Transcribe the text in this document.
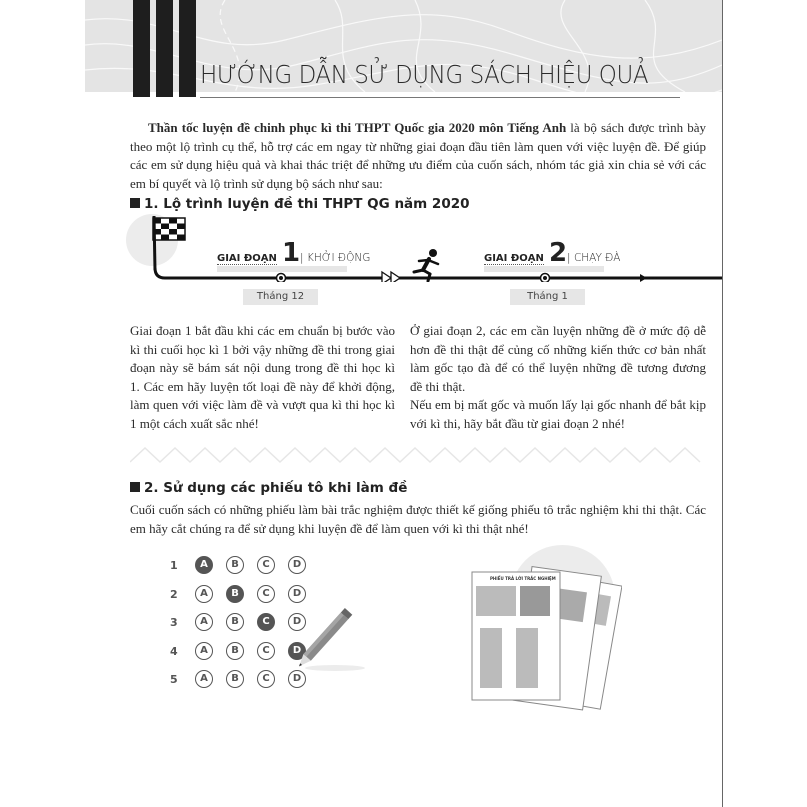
HƯỚNG DẪN SỬ DỤNG SÁCH HIỆU QUẢ
Thần tốc luyện đề chinh phục kì thi THPT Quốc gia 2020 môn Tiếng Anh là bộ sách được trình bày theo một lộ trình cụ thể, hỗ trợ các em ngay từ những giai đoạn đầu tiên làm quen với việc luyện đề. Để giúp các em sử dụng hiệu quả và khai thác triệt để những ưu điểm của cuốn sách, nhóm tác giả xin chia sẻ với các em bí quyết và lộ trình sử dụng bộ sách như sau:
1. Lộ trình luyện đề thi THPT QG năm 2020
GIAI ĐOẠN 1| KHỞI ĐỘNG
Tháng 12
GIAI ĐOẠN 2| CHẠY ĐÀ
Tháng 1
Giai đoạn 1 bắt đầu khi các em chuẩn bị bước vào kì thi cuối học kì 1 bởi vậy những đề thi trong giai đoạn này sẽ bám sát nội dung trong đề thi học kì 1. Các em hãy luyện tốt loại đề này để khởi động, làm quen với việc làm đề và vượt qua kì thi học kì 1 một cách xuất sắc nhé!
Ở giai đoạn 2, các em cần luyện những đề ở mức độ dễ hơn đề thi thật để củng cố những kiến thức cơ bản nhất làm gốc tạo đà để có thể luyện những đề tương đương đề thi thật.
Nếu em bị mất gốc và muốn lấy lại gốc nhanh để bắt kịp với kì thi, hãy bắt đầu từ giai đoạn 2 nhé!
2. Sử dụng các phiếu tô khi làm đề
Cuối cuốn sách có những phiếu làm bài trắc nghiệm được thiết kế giống phiếu tô trắc nghiệm khi thi thật. Các em hãy cắt chúng ra để sử dụng khi luyện đề để làm quen với kì thi thật nhé!
1	A	B	C	D
2	A	B	C	D
3	A	B	C	D
4	A	B	C	D
5	A	B	C	D
PHIẾU TRẢ LỜI TRẮC NGHIỆM
